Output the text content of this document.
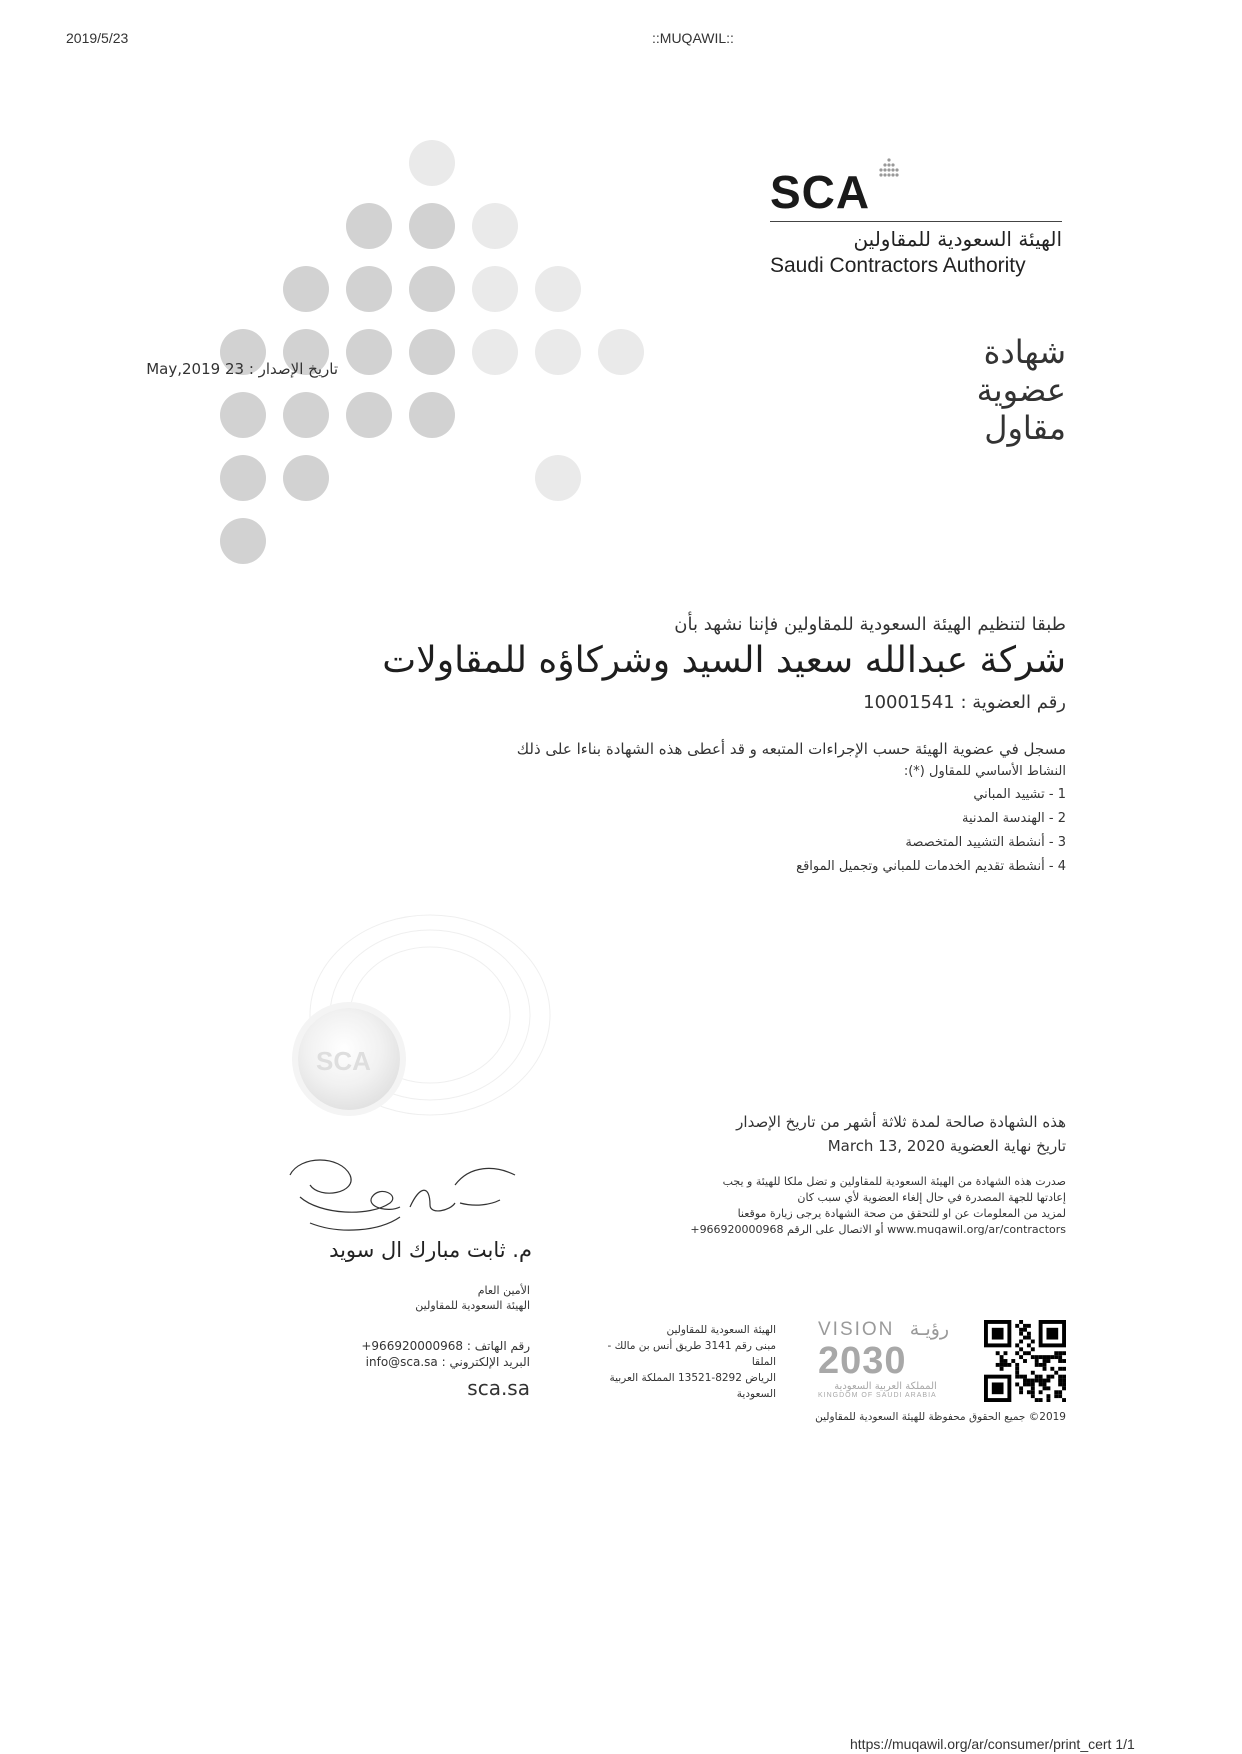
2019/5/23	::MUQAWIL::
SCA
الهيئة السعودية للمقاولين
Saudi Contractors Authority
شهادة
عضوية
مقاول
تاريخ الإصدار : 23 May,2019
طبقا لتنظيم الهيئة السعودية للمقاولين فإننا نشهد بأن
شركة عبدالله سعيد السيد وشركاؤه للمقاولات
رقم العضوية : 10001541
مسجل في عضوية الهيئة حسب الإجراءات المتبعه و قد أعطى هذه الشهادة بناءا على ذلك
النشاط الأساسي للمقاول (*):
1 - تشييد المباني
2 - الهندسة المدنية
3 - أنشطة التشييد المتخصصة
4 - أنشطة تقديم الخدمات للمباني وتجميل المواقع
هذه الشهادة صالحة لمدة ثلاثة أشهر من تاريخ الإصدار
تاريخ نهاية العضوية March 13, 2020
صدرت هذه الشهادة من الهيئة السعودية للمقاولين و تضل ملكا للهيئة و يجب
إعادتها للجهة المصدرة في حال إلغاء العضوية لأي سبب كان
لمزيد من المعلومات عن او للتحقق من صحة الشهادة يرجى زيارة موقعنا
www.muqawil.org/ar/contractors أو الاتصال على الرقم 966920000968+
SCA
م. ثابت مبارك ال سويد
الأمين العام
الهيئة السعودية للمقاولين
رقم الهاتف : 966920000968+
البريد الإلكتروني : info@sca.sa
sca.sa
الهيئة السعودية للمقاولين
مبنى رقم 3141 طريق أنس بن مالك - الملقا
الرياض 8292-13521 المملكة العربية السعودية
VISION رؤيـة
2030
المملكة العربية السعودية
KINGDOM OF SAUDI ARABIA
2019© جميع الحقوق محفوظة للهيئة السعودية للمقاولين
https://muqawil.org/ar/consumer/print_cert 1/1
